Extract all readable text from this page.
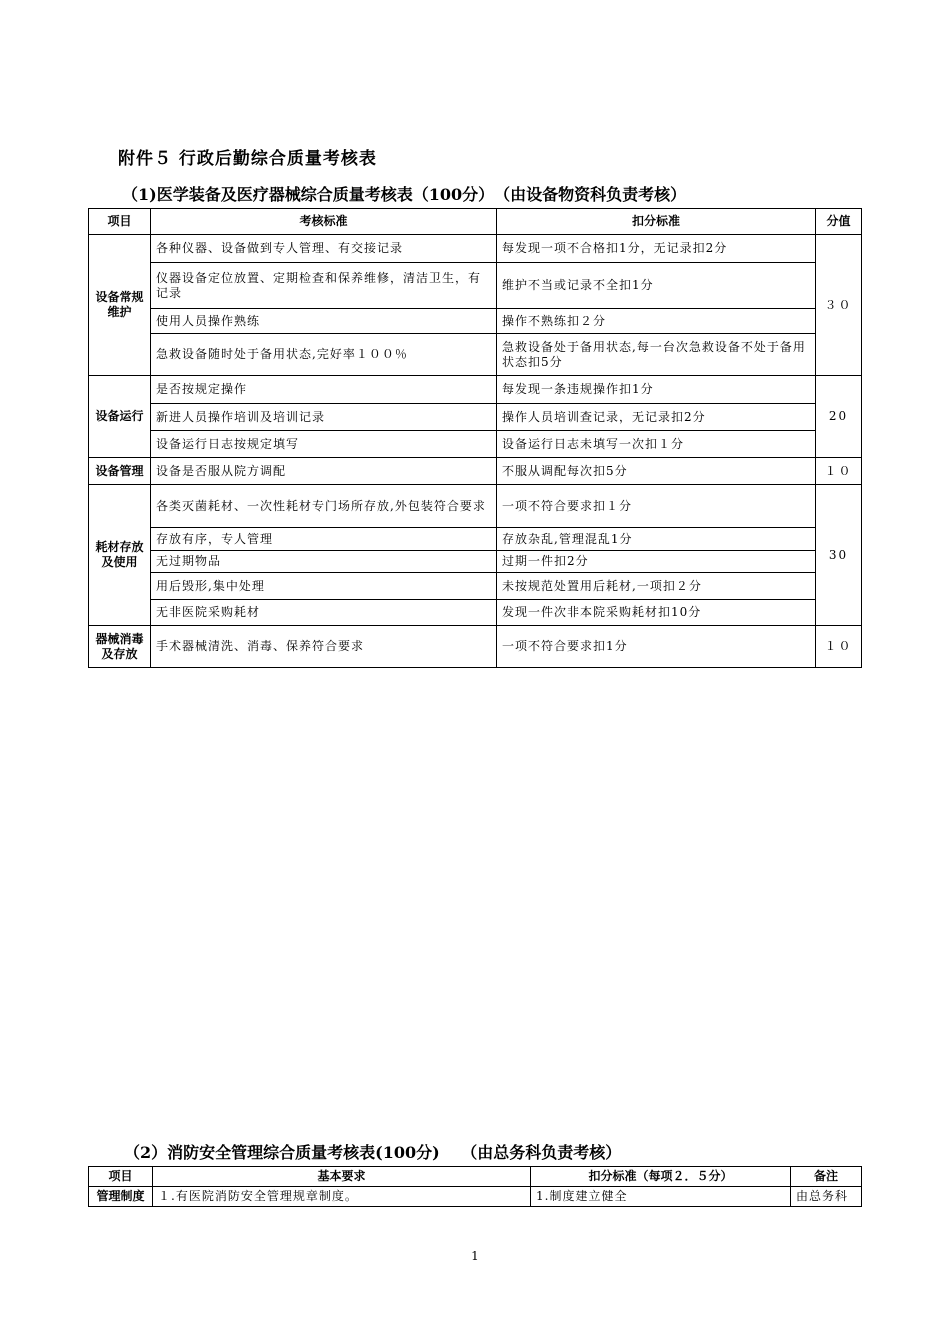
附件５ 行政后勤综合质量考核表
（1)医学装备及医疗器械综合质量考核表（100分）　（由设备物资科负责考核）
项目	考核标准	扣分标准	分值
设备常规维护	各种仪器、设备做到专人管理、有交接记录	每发现一项不合格扣1分，无记录扣2分	３０
	仪器设备定位放置、定期检查和保养维修，清洁卫生，有记录	维护不当或记录不全扣1分	
	使用人员操作熟练	操作不熟练扣２分	
	急救设备随时处于备用状态,完好率１００％	急救设备处于备用状态,每一台次急救设备不处于备用状态扣5分	
设备运行	是否按规定操作	每发现一条违规操作扣1分	20
	新进人员操作培训及培训记录	操作人员培训查记录，无记录扣2分	
	设备运行日志按规定填写	设备运行日志未填写一次扣１分	
设备管理	设备是否服从院方调配	不服从调配每次扣5分	１０
耗材存放及使用	各类灭菌耗材、一次性耗材专门场所存放,外包装符合要求	一项不符合要求扣１分	30
	存放有序，专人管理	存放杂乱,管理混乱1分	
	无过期物品	过期一件扣2分	
	用后毁形,集中处理	未按规范处置用后耗材,一项扣２分	
	无非医院采购耗材	发现一件次非本院采购耗材扣10分	
器械消毒及存放	手术器械清洗、消毒、保养符合要求	一项不符合要求扣1分	１０
（2）消防安全管理综合质量考核表(100分)　 （由总务科负责考核）
项目	基本要求	扣分标准（每项２．５分）	备注
管理制度	１.有医院消防安全管理规章制度。	1.制度建立健全	由总务科
1
